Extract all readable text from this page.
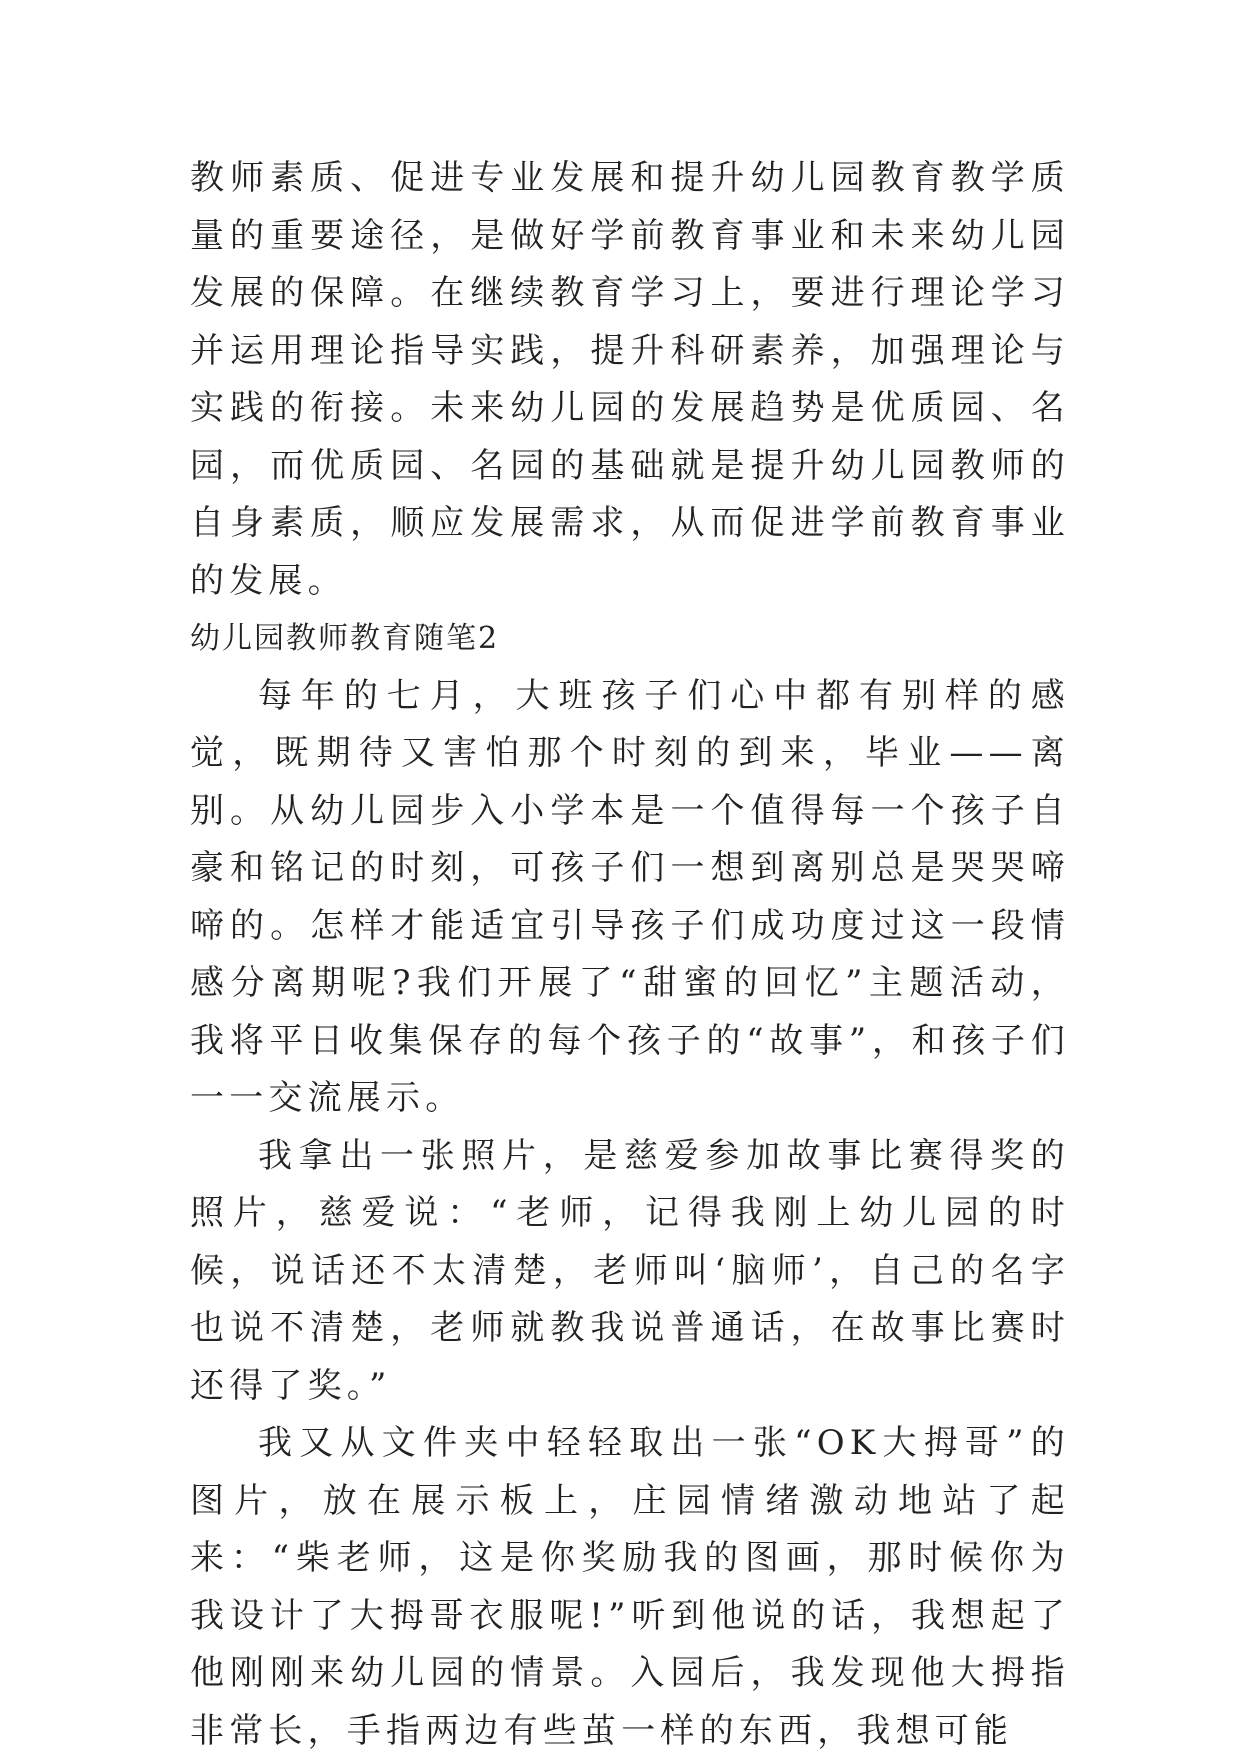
教师素质、促进专业发展和提升幼儿园教育教学质量的重要途径，是做好学前教育事业和未来幼儿园发展的保障。在继续教育学习上，要进行理论学习并运用理论指导实践，提升科研素养，加强理论与实践的衔接。未来幼儿园的发展趋势是优质园、名园，而优质园、名园的基础就是提升幼儿园教师的自身素质，顺应发展需求，从而促进学前教育事业的发展。

幼儿园教师教育随笔2

每年的七月，大班孩子们心中都有别样的感觉，既期待又害怕那个时刻的到来，毕业——离别。从幼儿园步入小学本是一个值得每一个孩子自豪和铭记的时刻，可孩子们一想到离别总是哭哭啼啼的。怎样才能适宜引导孩子们成功度过这一段情感分离期呢?我们开展了“甜蜜的回忆”主题活动，我将平日收集保存的每个孩子的“故事”，和孩子们一一交流展示。

我拿出一张照片，是慈爱参加故事比赛得奖的照片，慈爱说：“老师，记得我刚上幼儿园的时候，说话还不太清楚，老师叫‘脑师’，自己的名字也说不清楚，老师就教我说普通话，在故事比赛时还得了奖。”

我又从文件夹中轻轻取出一张“OK大拇哥”的图片，放在展示板上，庄园情绪激动地站了起来：“柴老师，这是你奖励我的图画，那时候你为我设计了大拇哥衣服呢!”听到他说的话，我想起了他刚刚来幼儿园的情景。入园后，我发现他大拇指非常长，手指两边有些茧一样的东西，我想可能
